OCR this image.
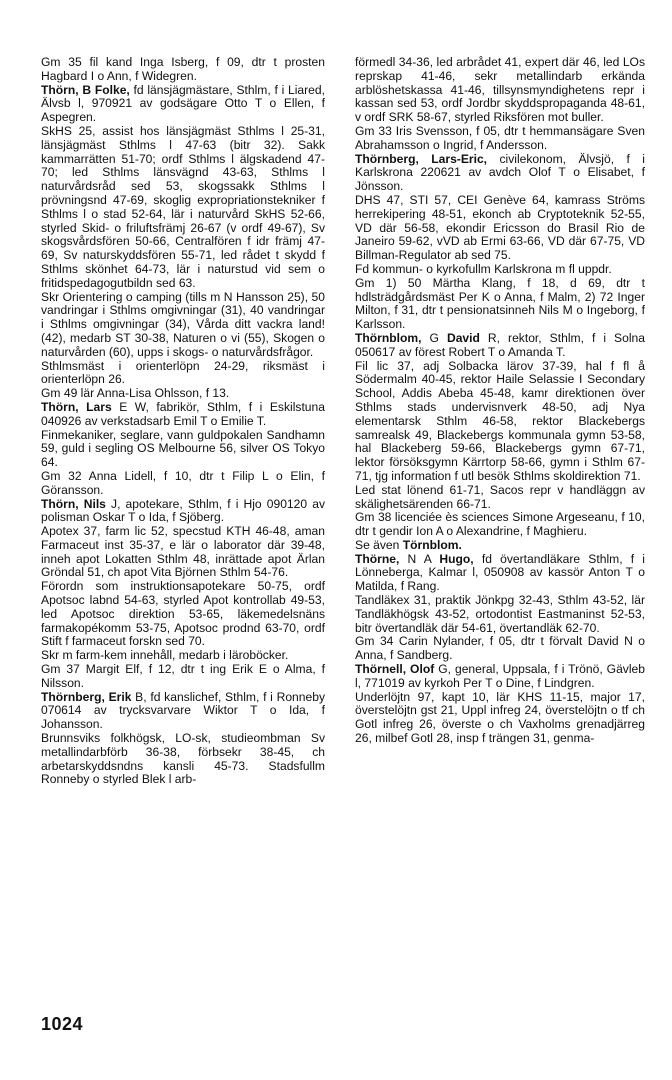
Gm 35 fil kand Inga Isberg, f 09, dtr t prosten Hagbard I o Ann, f Widegren.

Thörn, B Folke, fd länsjägmästare, Sthlm, f i Liared, Älvsb l, 970921 av godsägare Otto T o Ellen, f Aspegren.

SkHS 25, assist hos länsjägmäst Sthlms l 25-31, länsjägmäst Sthlms l 47-63 (bitr 32). Sakk kammarrätten 51-70; ordf Sthlms l älgskadend 47-70; led Sthlms länsvägnd 43-63, Sthlms l naturvårdsråd sed 53, skogssakk Sthlms l prövningsnd 47-69, skoglig expropriationstekniker f Sthlms l o stad 52-64, lär i naturvård SkHS 52-66, styrled Skid- o friluftsfrämj 26-67 (v ordf 49-67), Sv skogsvårdsfören 50-66, Centralfören f idr främj 47-69, Sv naturskyddsfören 55-71, led rådet t skydd f Sthlms skönhet 64-73, lär i naturstud vid sem o fritidspedagogutbildn sed 63.

Skr Orientering o camping (tills m N Hansson 25), 50 vandringar i Sthlms omgivningar (31), 40 vandringar i Sthlms omgivningar (34), Vårda ditt vackra land! (42), medarb ST 30-38, Naturen o vi (55), Skogen o naturvården (60), upps i skogs- o naturvårdsfrågor.

Sthlmsmäst i orienterlöpn 24-29, riksmäst i orienterlöpn 26.

Gm 49 lär Anna-Lisa Ohlsson, f 13.

Thörn, Lars E W, fabrikör, Sthlm, f i Eskilstuna 040926 av verkstadsarb Emil T o Emilie T.

Finmekaniker, seglare, vann guldpokalen Sandhamn 59, guld i segling OS Melbourne 56, silver OS Tokyo 64.

Gm 32 Anna Lidell, f 10, dtr t Filip L o Elin, f Göransson.

Thörn, Nils J, apotekare, Sthlm, f i Hjo 090120 av polisman Oskar T o Ida, f Sjöberg.

Apotex 37, farm lic 52, specstud KTH 46-48, aman Farmaceut inst 35-37, e lär o laborator där 39-48, inneh apot Lokatten Sthlm 48, inrättade apot Ärlan Gröndal 51, ch apot Vita Björnen Sthlm 54-76.

Förordn som instruktionsapotekare 50-75, ordf Apotsoc labnd 54-63, styrled Apot kontrollab 49-53, led Apotsoc direktion 53-65, läkemedelsnäns farmakopékomm 53-75, Apotsoc prodnd 63-70, ordf Stift f farmaceut forskn sed 70.

Skr m farm-kem innehåll, medarb i läroböcker.

Gm 37 Margit Elf, f 12, dtr t ing Erik E o Alma, f Nilsson.

Thörnberg, Erik B, fd kanslichef, Sthlm, f i Ronneby 070614 av trycksvarvare Wiktor T o Ida, f Johansson.

Brunnsviks folkhögsk, LO-sk, studieombman Sv metallindarbförb 36-38, förbsekr 38-45, ch arbetarskyddsndns kansli 45-73. Stadsfullm Ronneby o styrled Blek l arb-

förmedl 34-36, led arbrådet 41, expert där 46, led LOs reprskap 41-46, sekr metallindarb erkända arblöshetskassa 41-46, tillsynsmyndighetens repr i kassan sed 53, ordf Jordbr skyddspropaganda 48-61, v ordf SRK 58-67, styrled Riksfören mot buller.

Gm 33 Iris Svensson, f 05, dtr t hemmansägare Sven Abrahamsson o Ingrid, f Andersson.

Thörnberg, Lars-Eric, civilekonom, Älvsjö, f i Karlskrona 220621 av avdch Olof T o Elisabet, f Jönsson.

DHS 47, STI 57, CEI Genève 64, kamrass Ströms herrekipering 48-51, ekonch ab Cryptoteknik 52-55, VD där 56-58, ekondir Ericsson do Brasil Rio de Janeiro 59-62, vVD ab Ermi 63-66, VD där 67-75, VD Billman-Regulator ab sed 75.

Fd kommun- o kyrkofullm Karlskrona m fl uppdr.

Gm 1) 50 Märtha Klang, f 18, d 69, dtr t hdlsträdgårdsmäst Per K o Anna, f Malm, 2) 72 Inger Milton, f 31, dtr t pensionatsinneh Nils M o Ingeborg, f Karlsson.

Thörnblom, G David R, rektor, Sthlm, f i Solna 050617 av förest Robert T o Amanda T.

Fil lic 37, adj Solbacka lärov 37-39, hal f fl å Södermalm 40-45, rektor Haile Selassie I Secondary School, Addis Abeba 45-48, kamr direktionen över Sthlms stads undervisnverk 48-50, adj Nya elementarsk Sthlm 46-58, rektor Blackebergs samrealsk 49, Blackebergs kommunala gymn 53-58, hal Blackeberg 59-66, Blackebergs gymn 67-71, lektor försöksgymn Kärrtorp 58-66, gymn i Sthlm 67-71, tjg information f utl besök Sthlms skoldirektion 71.

Led stat lönend 61-71, Sacos repr v handläggn av skälighetsärenden 66-71.

Gm 38 licenciée ès sciences Simone Argeseanu, f 10, dtr t gendir Ion A o Alexandrine, f Maghieru.

Se även Törnblom.

Thörne, N A Hugo, fd övertandläkare Sthlm, f i Lönneberga, Kalmar l, 050908 av kassör Anton T o Matilda, f Rang.

Tandläkex 31, praktik Jönkpg 32-43, Sthlm 43-52, lär Tandläkhögsk 43-52, ortodontist Eastmaninst 52-53, bitr övertandläk där 54-61, övertandläk 62-70.

Gm 34 Carin Nylander, f 05, dtr t förvalt David N o Anna, f Sandberg.

Thörnell, Olof G, general, Uppsala, f i Trönö, Gävleb l, 771019 av kyrkoh Per T o Dine, f Lindgren.

Underlöjtn 97, kapt 10, lär KHS 11-15, major 17, överstelöjtn gst 21, Uppl infreg 24, överstelöjtn o tf ch Gotl infreg 26, överste o ch Vaxholms grenadjärreg 26, milbef Gotl 28, insp f trängen 31, genma-

1024
